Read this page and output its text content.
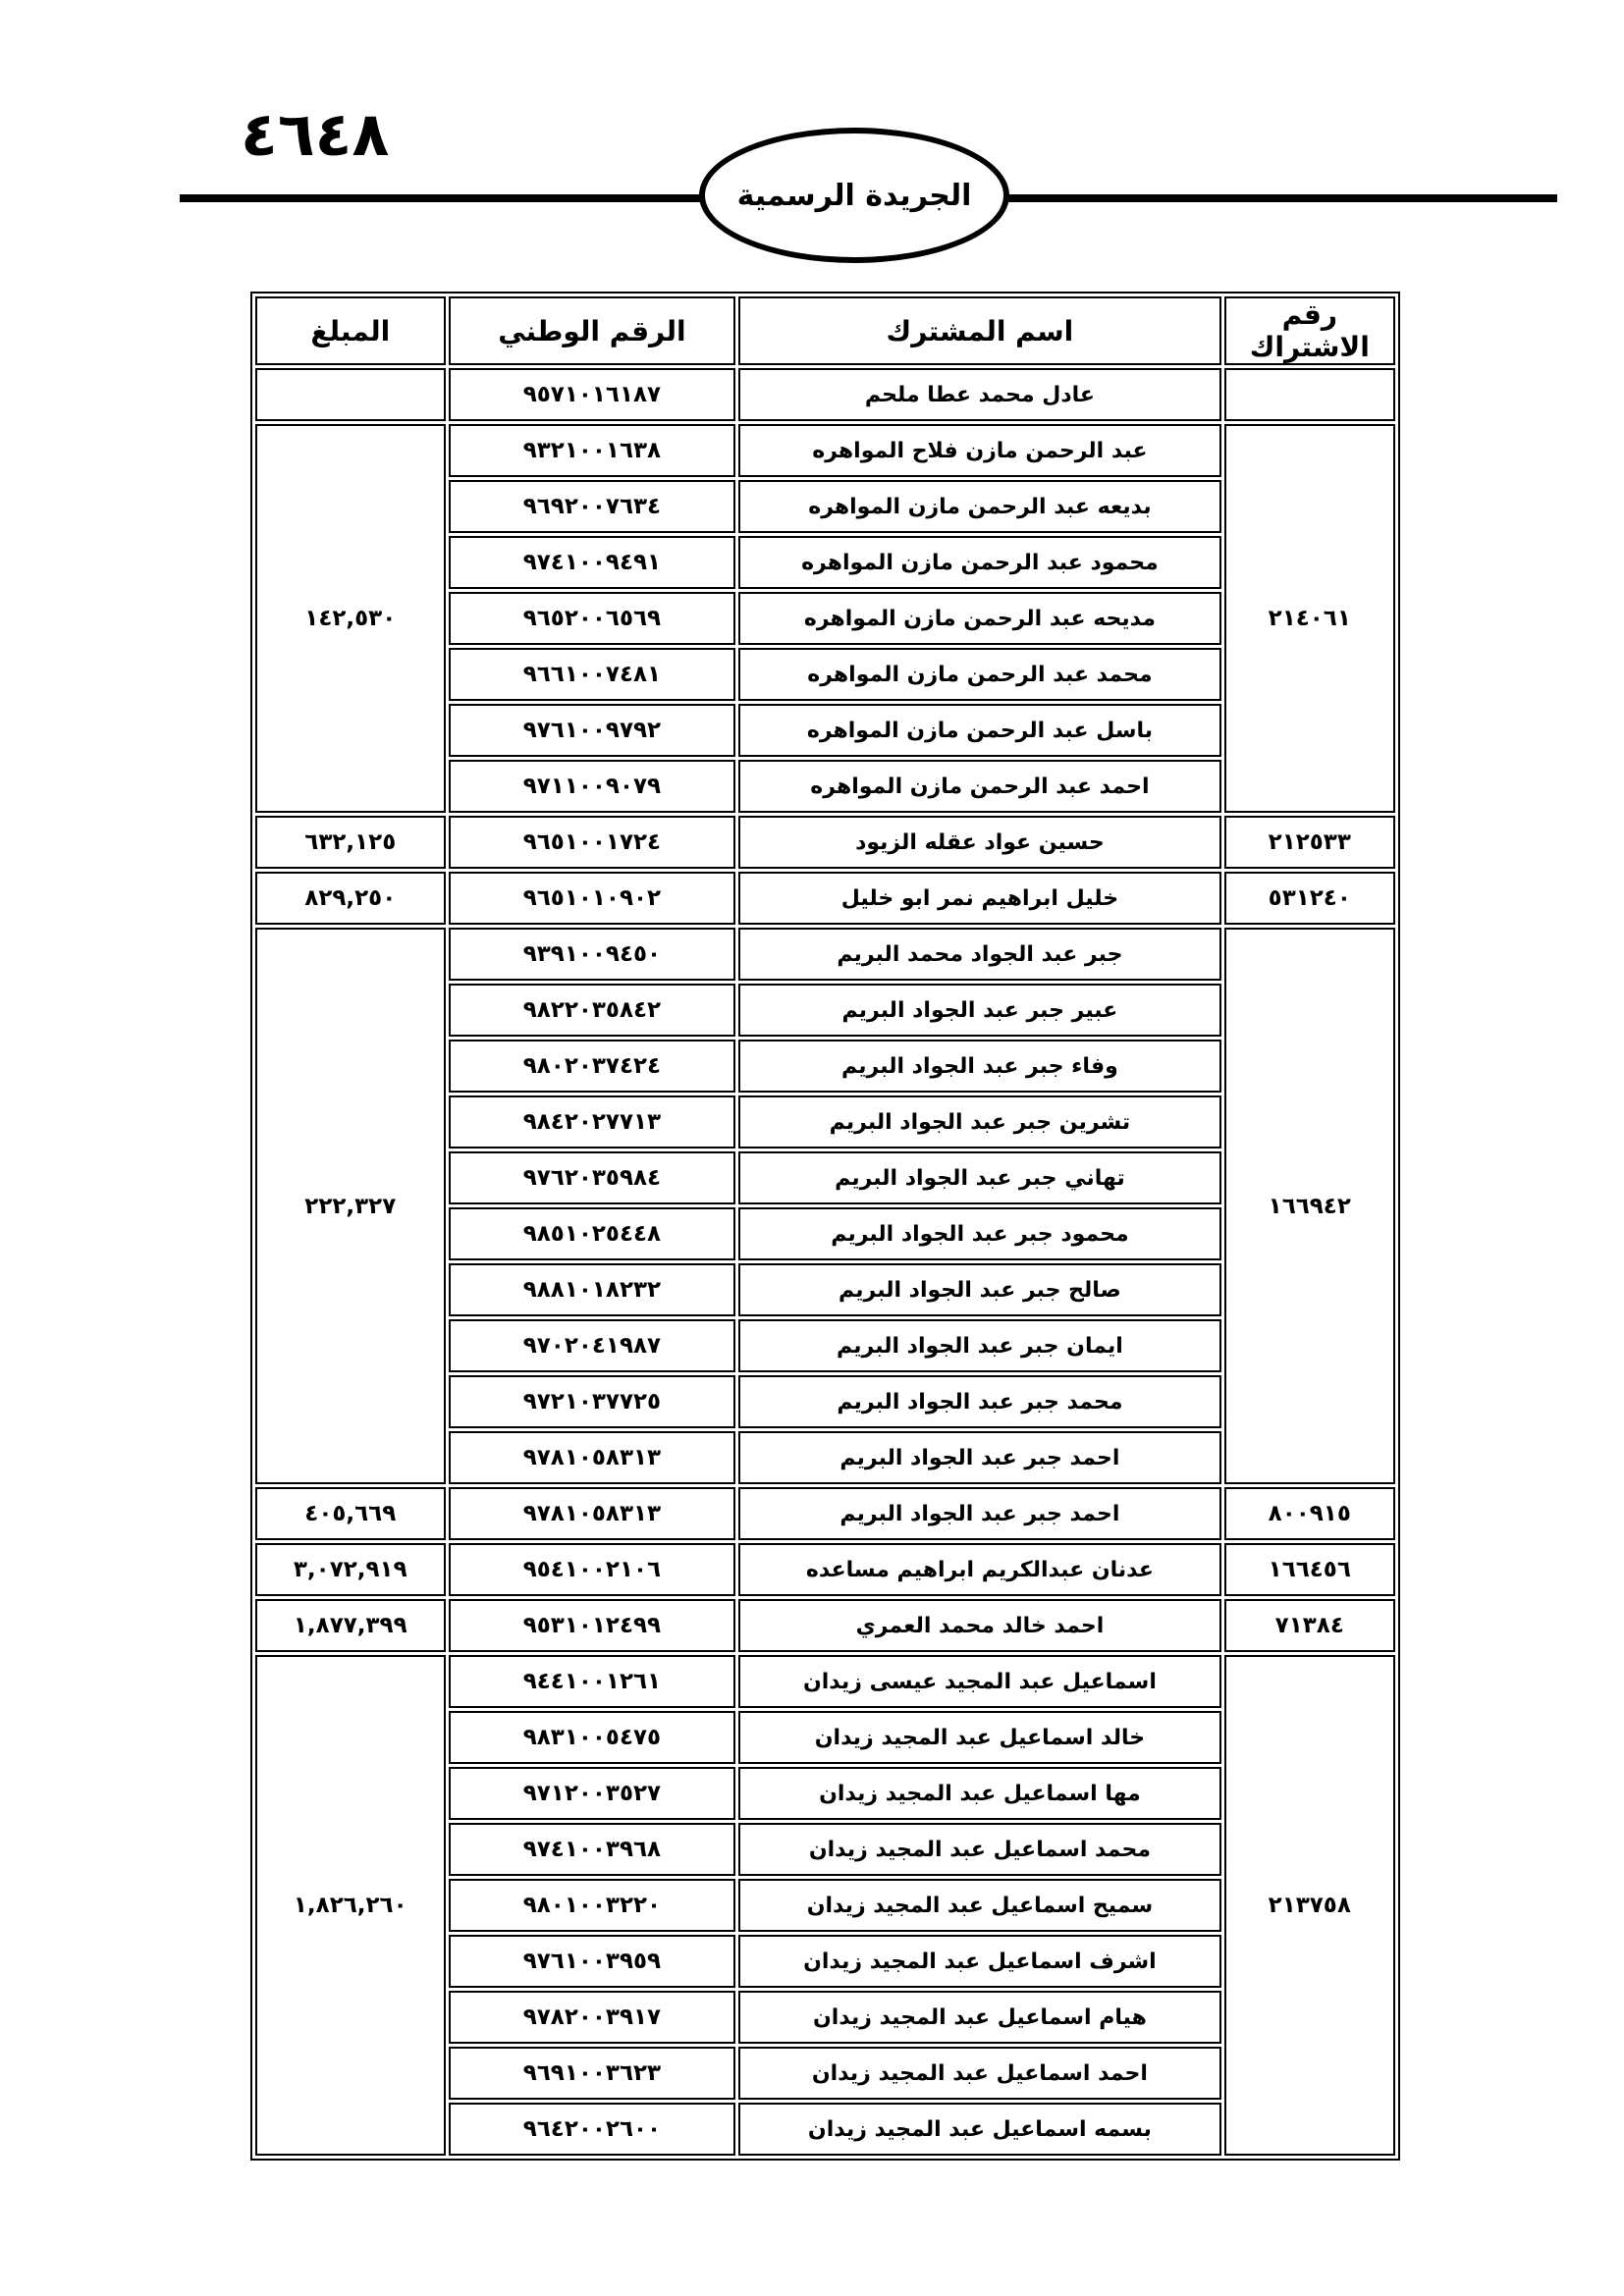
٤٦٤٨
الجريدة الرسمية
رقم الاشتراك	اسم المشترك	الرقم الوطني	المبلغ
	عادل محمد عطا ملحم	٩٥٧١٠١٦١٨٧	
٢١٤٠٦١	عبد الرحمن مازن فلاح المواهره	٩٣٢١٠٠١٦٣٨	١٤٢,٥٣٠
	بديعه عبد الرحمن مازن المواهره	٩٦٩٢٠٠٧٦٣٤	
	محمود عبد الرحمن مازن المواهره	٩٧٤١٠٠٩٤٩١	
	مديحه عبد الرحمن مازن المواهره	٩٦٥٢٠٠٦٥٦٩	
	محمد عبد الرحمن مازن المواهره	٩٦٦١٠٠٧٤٨١	
	باسل عبد الرحمن مازن المواهره	٩٧٦١٠٠٩٧٩٢	
	احمد عبد الرحمن مازن المواهره	٩٧١١٠٠٩٠٧٩	
٢١٢٥٣٣	حسين عواد عقله الزيود	٩٦٥١٠٠١٧٢٤	٦٣٢,١٢٥
٥٣١٢٤٠	خليل ابراهيم نمر ابو خليل	٩٦٥١٠١٠٩٠٢	٨٢٩,٢٥٠
١٦٦٩٤٢	جبر عبد الجواد محمد البريم	٩٣٩١٠٠٩٤٥٠	٢٢٢,٣٢٧
	عبير جبر عبد الجواد البريم	٩٨٢٢٠٣٥٨٤٢	
	وفاء جبر عبد الجواد البريم	٩٨٠٢٠٣٧٤٢٤	
	تشرين جبر عبد الجواد البريم	٩٨٤٢٠٢٧٧١٣	
	تهاني جبر عبد الجواد البريم	٩٧٦٢٠٣٥٩٨٤	
	محمود جبر عبد الجواد البريم	٩٨٥١٠٢٥٤٤٨	
	صالح جبر عبد الجواد البريم	٩٨٨١٠١٨٢٣٢	
	ايمان جبر عبد الجواد البريم	٩٧٠٢٠٤١٩٨٧	
	محمد جبر عبد الجواد البريم	٩٧٢١٠٣٧٧٢٥	
	احمد جبر عبد الجواد البريم	٩٧٨١٠٥٨٣١٣	
٨٠٠٩١٥	احمد جبر عبد الجواد البريم	٩٧٨١٠٥٨٣١٣	٤٠٥,٦٦٩
١٦٦٤٥٦	عدنان عبدالكريم ابراهيم مساعده	٩٥٤١٠٠٢١٠٦	٣,٠٧٢,٩١٩
٧١٣٨٤	احمد خالد محمد العمري	٩٥٣١٠١٢٤٩٩	١,٨٧٧,٣٩٩
٢١٣٧٥٨	اسماعيل عبد المجيد عيسى زيدان	٩٤٤١٠٠١٢٦١	١,٨٢٦,٢٦٠
	خالد اسماعيل عبد المجيد زيدان	٩٨٣١٠٠٥٤٧٥	
	مها اسماعيل عبد المجيد زيدان	٩٧١٢٠٠٣٥٢٧	
	محمد اسماعيل عبد المجيد زيدان	٩٧٤١٠٠٣٩٦٨	
	سميح اسماعيل عبد المجيد زيدان	٩٨٠١٠٠٣٢٢٠	
	اشرف اسماعيل عبد المجيد زيدان	٩٧٦١٠٠٣٩٥٩	
	هيام اسماعيل عبد المجيد زيدان	٩٧٨٢٠٠٣٩١٧	
	احمد اسماعيل عبد المجيد زيدان	٩٦٩١٠٠٣٦٢٣	
	بسمه اسماعيل عبد المجيد زيدان	٩٦٤٢٠٠٢٦٠٠	
